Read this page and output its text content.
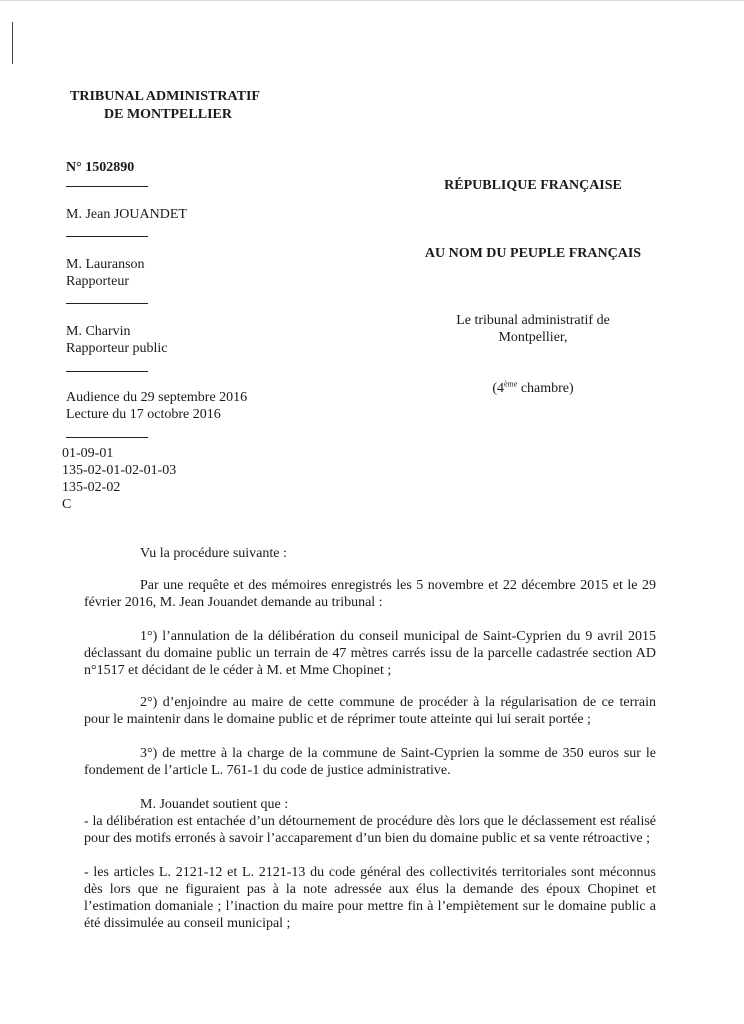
TRIBUNAL ADMINISTRATIF
DE MONTPELLIER
N° 1502890
M. Jean JOUANDET
M. Lauranson
Rapporteur
M. Charvin
Rapporteur public
Audience du 29 septembre 2016
Lecture du 17 octobre 2016
01-09-01
135-02-01-02-01-03
135-02-02
C
RÉPUBLIQUE FRANÇAISE
AU NOM DU PEUPLE FRANÇAIS
Le tribunal administratif de
Montpellier,
(4ème chambre)
Vu la procédure suivante :
Par une requête et des mémoires enregistrés les 5 novembre et 22 décembre 2015 et le 29 février 2016, M. Jean Jouandet demande au tribunal :
1°) l’annulation de la délibération du conseil municipal de Saint-Cyprien du 9 avril 2015 déclassant du domaine public un terrain de 47 mètres carrés issu de la parcelle cadastrée section AD n°1517 et décidant de le céder à M. et Mme Chopinet ;
2°) d’enjoindre au maire de cette commune de procéder à la régularisation de ce terrain pour le maintenir dans le domaine public et de réprimer toute atteinte qui lui serait portée ;
3°) de mettre à la charge de la commune de Saint-Cyprien la somme de 350 euros sur le fondement de l’article L. 761-1 du code de justice administrative.
M. Jouandet soutient que :
- la délibération est entachée d’un détournement de procédure dès lors que le déclassement est réalisé pour des motifs erronés à savoir l’accaparement d’un bien du domaine public et sa vente rétroactive ;
- les articles L. 2121-12 et L. 2121-13 du code général des collectivités territoriales sont méconnus dès lors que ne figuraient pas à la note adressée aux élus la demande des époux Chopinet et l’estimation domaniale ; l’inaction du maire pour mettre fin à l’empiètement sur le domaine public a été dissimulée au conseil municipal ;
